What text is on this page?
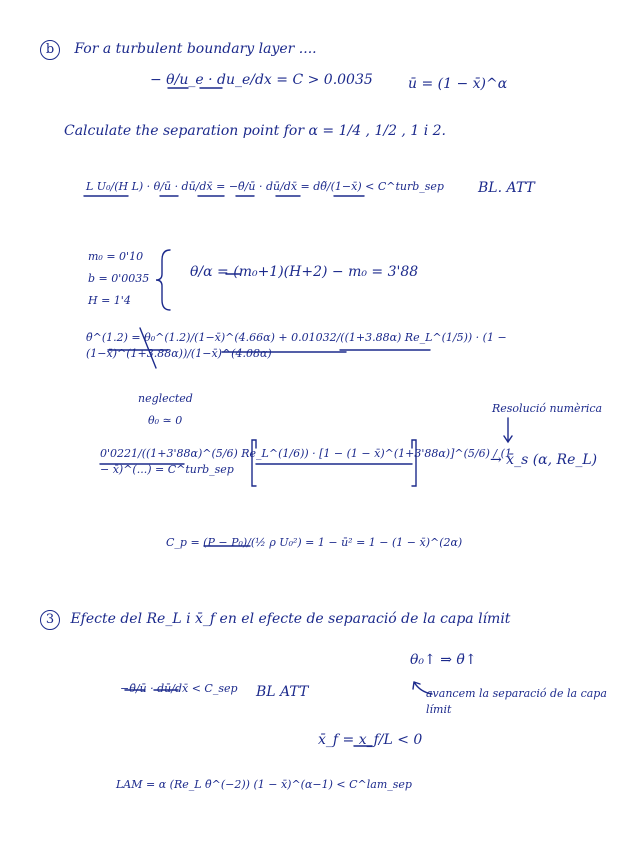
b For a turbulent boundary layer ....
− θ/u_e · du_e/dx = C > 0.0035	ū = (1 − x̄)^α
Calculate the separation point for α = 1/4 , 1/2 , 1 i 2.
L U₀/(H L) · θ/ū · dū/dx̄ = −θ̄/ū · dū/dx̄ = dθ̃/(1−x̄) < C^turb_sep	BL. ATT
m₀ = 0'10
b = 0'0035
H = 1'4
θ/α = (m₀+1)(H+2) − m₀ = 3'88
θ̄^(1.2) = θ₀^(1.2)/(1−x̄)^(4.66α) + 0.01032/((1+3.88α) Re_L^(1/5)) · (1 − (1−x̄)^(1+3.88α))/(1−x̄)^(4.08α)
neglected
θ₀ ≃ 0
Resolució numèrica
0'0221/((1+3'88α)^(5/6) Re_L^(1/6)) · [1 − (1 − x̄)^(1+3'88α)]^(5/6) / (1 − x̄)^(...) = C^turb_sep
→ x̄_s (α, Re_L)
C_p = (P − P₀)/(½ ρ U₀²) = 1 − ū² = 1 − (1 − x̄)^(2α)
3 Efecte del Re_L i x̄_f en el efecte de separació de la capa límit
−θ̄/ū · dū/dx̄ < C_sep BL ATT
θ₀↑ ⇒ θ̄↑
avancem la separació de la capa límit
x̄_f = x_f/L < 0
LAM = α (Re_L θ̄^(−2)) (1 − x̄)^(α−1) < C^lam_sep
